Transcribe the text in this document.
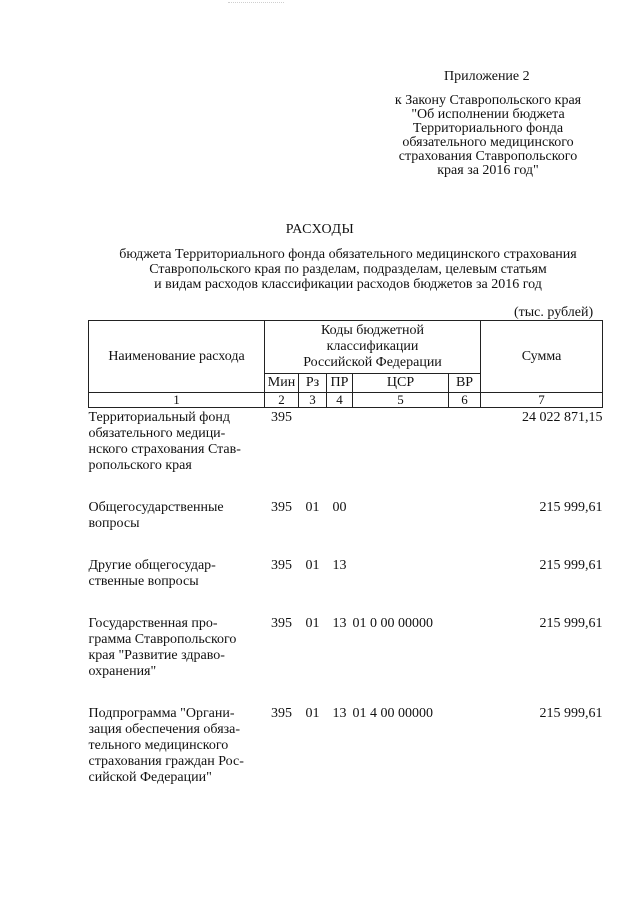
Приложение 2
к Закону Ставропольского края
"Об исполнении бюджета
Территориального фонда
обязательного медицинского
страхования Ставропольского
края за 2016 год"
РАСХОДЫ
бюджета Территориального фонда обязательного медицинского страхования
Ставропольского края по разделам, подразделам, целевым статьям
и видам расходов классификации расходов бюджетов за 2016 год
(тыс. рублей)
Наименование расхода	Коды бюджетной
классификации
Российской Федерации					Сумма
	Мин	Рз	ПР	ЦСР	ВР	
1	2	3	4	5	6	7

Территориальный фонд
обязательного медици-
нского страхования Став-
ропольского края	395					24 022 871,15

Общегосударственные
вопросы	395	01	00			215 999,61

Другие общегосудар-
ственные вопросы	395	01	13			215 999,61

Государственная про-
грамма Ставропольского
края "Развитие здраво-
охранения"	395	01	13	01 0 00 00000		215 999,61

Подпрограмма "Органи-
зация обеспечения обяза-
тельного медицинского
страхования граждан Рос-
сийской Федерации"	395	01	13	01 4 00 00000		215 999,61
